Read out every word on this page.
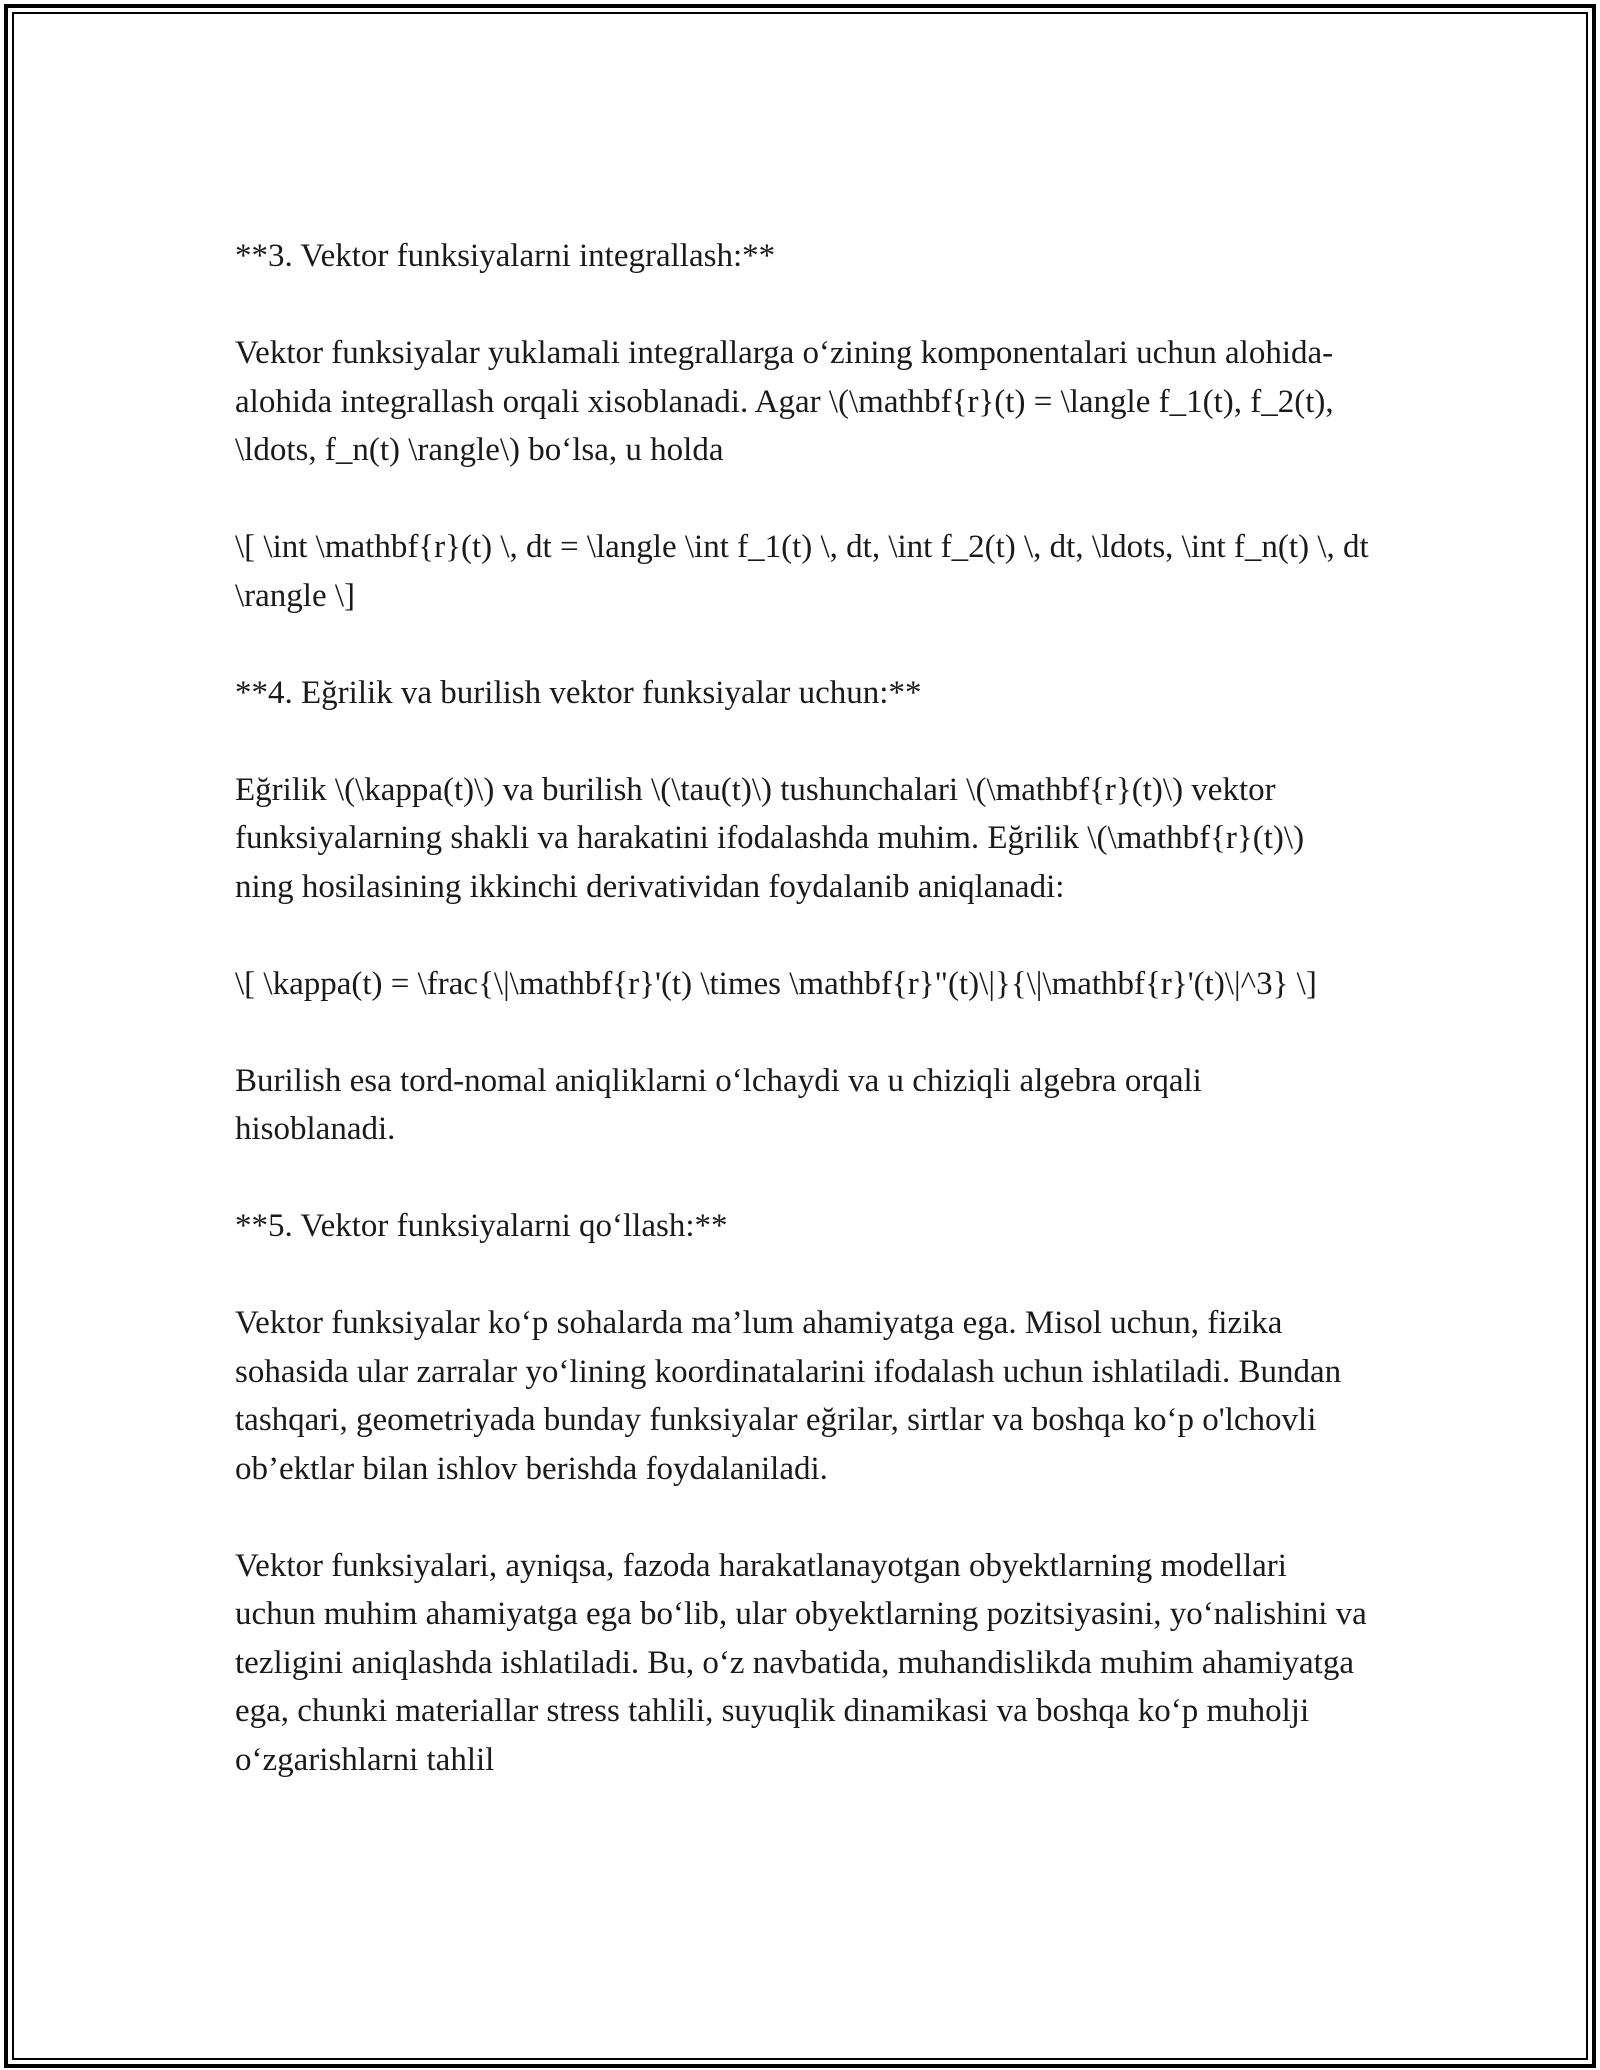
**3. Vektor funksiyalarni integrallash:**

Vektor funksiyalar yuklamali integrallarga o‘zining komponentalari uchun alohida-alohida integrallash orqali xisoblanadi. Agar \(\mathbf{r}(t) = \langle f_1(t), f_2(t), \ldots, f_n(t) \rangle\) bo‘lsa, u holda

\[ \int \mathbf{r}(t) \, dt = \langle \int f_1(t) \, dt, \int f_2(t) \, dt, \ldots, \int f_n(t) \, dt \rangle \]

**4. Eğrilik va burilish vektor funksiyalar uchun:**

Eğrilik \(\kappa(t)\) va burilish \(\tau(t)\) tushunchalari \(\mathbf{r}(t)\) vektor funksiyalarning shakli va harakatini ifodalashda muhim. Eğrilik \(\mathbf{r}(t)\) ning hosilasining ikkinchi derivatividan foydalanib aniqlanadi:

\[ \kappa(t) = \frac{\|\mathbf{r}'(t) \times \mathbf{r}"(t)\|}{\|\mathbf{r}'(t)\|^3} \]

Burilish esa tord-nomal aniqliklarni o‘lchaydi va u chiziqli algebra orqali hisoblanadi.

**5. Vektor funksiyalarni qo‘llash:**

Vektor funksiyalar ko‘p sohalarda ma’lum ahamiyatga ega. Misol uchun, fizika sohasida ular zarralar yo‘lining koordinatalarini ifodalash uchun ishlatiladi. Bundan tashqari, geometriyada bunday funksiyalar eğrilar, sirtlar va boshqa ko‘p o'lchovli ob’ektlar bilan ishlov berishda foydalaniladi.

Vektor funksiyalari, ayniqsa, fazoda harakatlanayotgan obyektlarning modellari uchun muhim ahamiyatga ega bo‘lib, ular obyektlarning pozitsiyasini, yo‘nalishini va tezligini aniqlashda ishlatiladi. Bu, o‘z navbatida, muhandislikda muhim ahamiyatga ega, chunki materiallar stress tahlili, suyuqlik dinamikasi va boshqa ko‘p muholji o‘zgarishlarni tahlil
